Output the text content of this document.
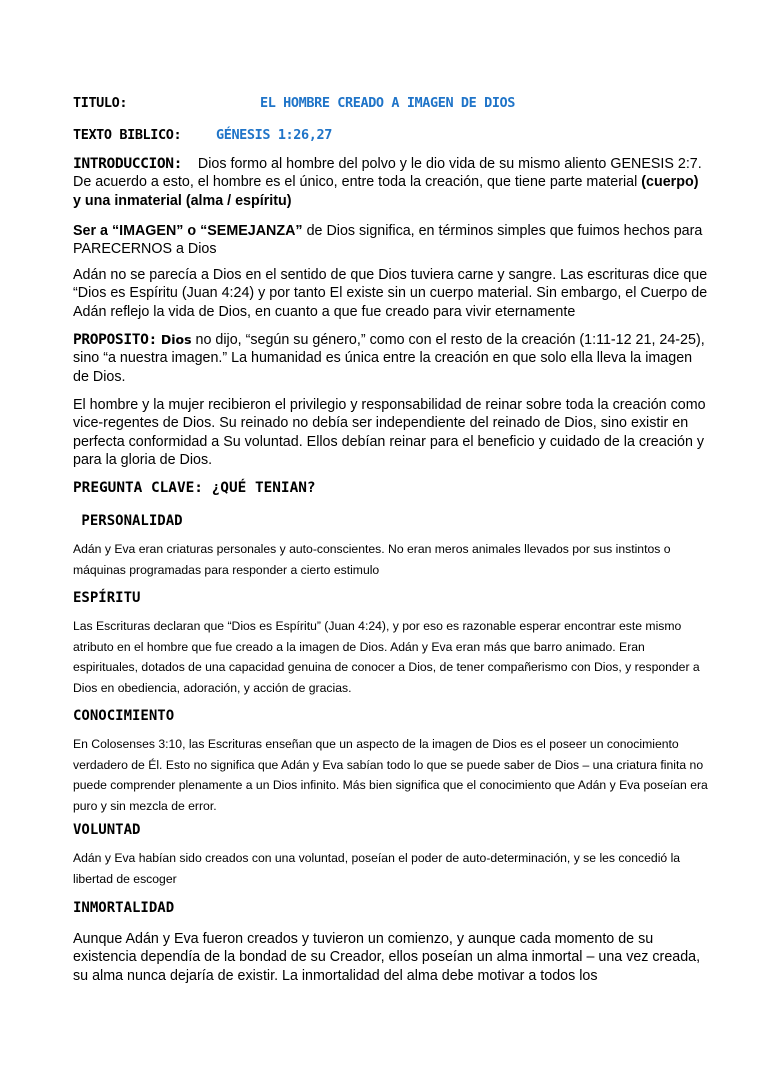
TITULO:	EL HOMBRE CREADO A IMAGEN DE DIOS
TEXTO BIBLICO:	GÉNESIS 1:26,27
INTRODUCCION: Dios formo al hombre del polvo y le dio vida de su mismo aliento GENESIS 2:7. De acuerdo a esto, el hombre es el único, entre toda la creación, que tiene parte material (cuerpo) y una inmaterial (alma / espíritu)
Ser a “IMAGEN” o “SEMEJANZA” de Dios significa, en términos simples que fuimos hechos para PARECERNOS a Dios
Adán no se parecía a Dios en el sentido de que Dios tuviera carne y sangre. Las escrituras dice que “Dios es Espíritu (Juan 4:24) y por tanto El existe sin un cuerpo material. Sin embargo, el Cuerpo de Adán reflejo la vida de Dios, en cuanto a que fue creado para vivir eternamente
PROPOSITO: Dios no dijo, “según su género,” como con el resto de la creación (1:11-12 21, 24-25), sino “a nuestra imagen.” La humanidad es única entre la creación en que solo ella lleva la imagen de Dios.
El hombre y la mujer recibieron el privilegio y responsabilidad de reinar sobre toda la creación como vice-regentes de Dios. Su reinado no debía ser independiente del reinado de Dios, sino existir en perfecta conformidad a Su voluntad. Ellos debían reinar para el beneficio y cuidado de la creación y para la gloria de Dios.
PREGUNTA CLAVE: ¿QUÉ TENIAN?
PERSONALIDAD
Adán y Eva eran criaturas personales y auto-conscientes. No eran meros animales llevados por sus instintos o máquinas programadas para responder a cierto estimulo
ESPÍRITU
Las Escrituras declaran que “Dios es Espíritu” (Juan 4:24), y por eso es razonable esperar encontrar este mismo atributo en el hombre que fue creado a la imagen de Dios. Adán y Eva eran más que barro animado. Eran espirituales, dotados de una capacidad genuina de conocer a Dios, de tener compañerismo con Dios, y responder a Dios en obediencia, adoración, y acción de gracias.
CONOCIMIENTO
En Colosenses 3:10, las Escrituras enseñan que un aspecto de la imagen de Dios es el poseer un conocimiento verdadero de Él. Esto no significa que Adán y Eva sabían todo lo que se puede saber de Dios – una criatura finita no puede comprender plenamente a un Dios infinito. Más bien significa que el conocimiento que Adán y Eva poseían era puro y sin mezcla de error.
VOLUNTAD
Adán y Eva habían sido creados con una voluntad, poseían el poder de auto-determinación, y se les concedió la libertad de escoger
INMORTALIDAD
Aunque Adán y Eva fueron creados y tuvieron un comienzo, y aunque cada momento de su existencia dependía de la bondad de su Creador, ellos poseían un alma inmortal – una vez creada, su alma nunca dejaría de existir. La inmortalidad del alma debe motivar a todos los
